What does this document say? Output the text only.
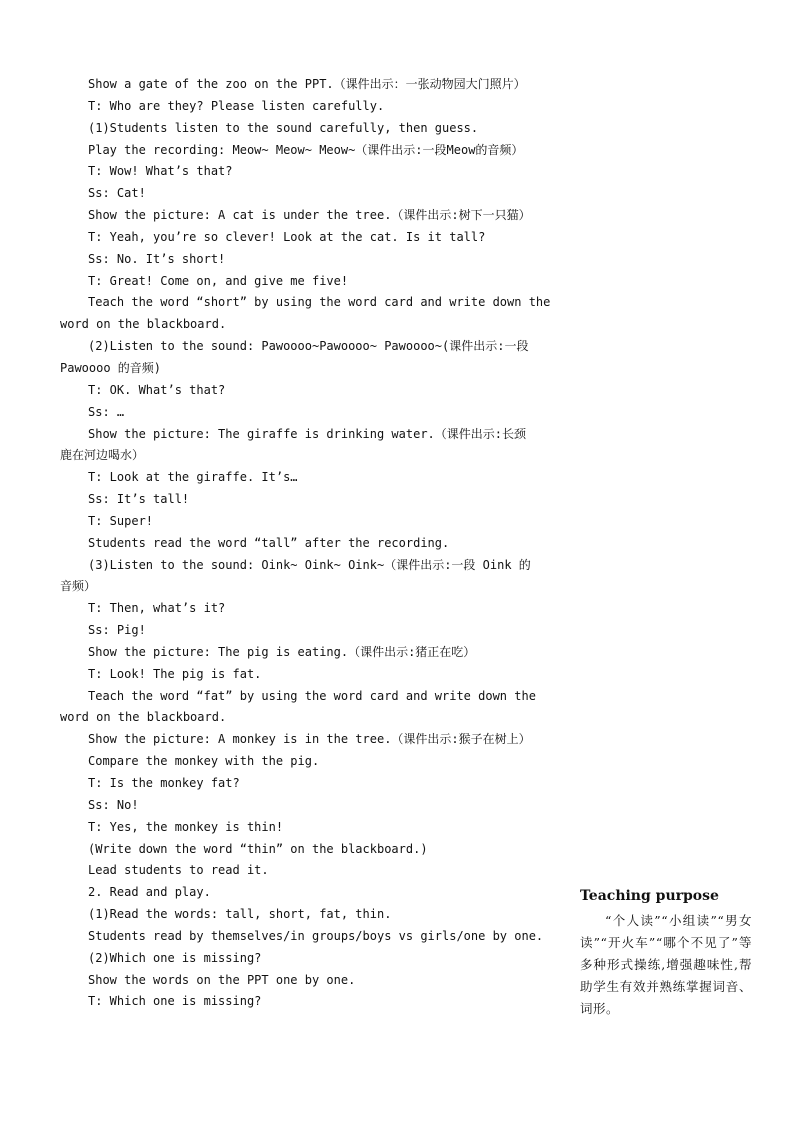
Show a gate of the zoo on the PPT.（课件出示：一张动物园大门照片）
T: Who are they? Please listen carefully.
(1)Students listen to the sound carefully, then guess.
Play the recording: Meow~ Meow~ Meow~（课件出示:一段Meow的音频）
T: Wow! What’s that?
Ss: Cat!
Show the picture: A cat is under the tree.（课件出示:树下一只猫）
T: Yeah, you’re so clever! Look at the cat. Is it tall?
Ss: No. It’s short!
T: Great! Come on, and give me five!
Teach the word “short” by using the word card and write down the
word on the blackboard.
(2)Listen to the sound: Pawoooo~Pawoooo~ Pawoooo~(课件出示:一段
Pawoooo 的音频)
T: OK. What’s that?
Ss: …
Show the picture: The giraffe is drinking water.（课件出示:长颈
鹿在河边喝水）
T: Look at the giraffe. It’s…
Ss: It’s tall!
T: Super!
Students read the word “tall” after the recording.
(3)Listen to the sound: Oink~ Oink~ Oink~（课件出示:一段 Oink 的
音频）
T: Then, what’s it?
Ss: Pig!
Show the picture: The pig is eating.（课件出示:猪正在吃）
T: Look! The pig is fat.
Teach the word “fat” by using the word card and write down the
word on the blackboard.
Show the picture: A monkey is in the tree.（课件出示:猴子在树上）
Compare the monkey with the pig.
T: Is the monkey fat?
Ss: No!
T: Yes, the monkey is thin!
(Write down the word “thin” on the blackboard.)
Lead students to read it.
2. Read and play.
(1)Read the words: tall, short, fat, thin.
Students read by themselves/in groups/boys vs girls/one by one.
(2)Which one is missing?
Show the words on the PPT one by one.
T: Which one is missing?
Teaching purpose
“个人读”“小组读”“男女读”“开火车”“哪个不见了”等多种形式操练,增强趣味性,帮助学生有效并熟练掌握词音、词形。
